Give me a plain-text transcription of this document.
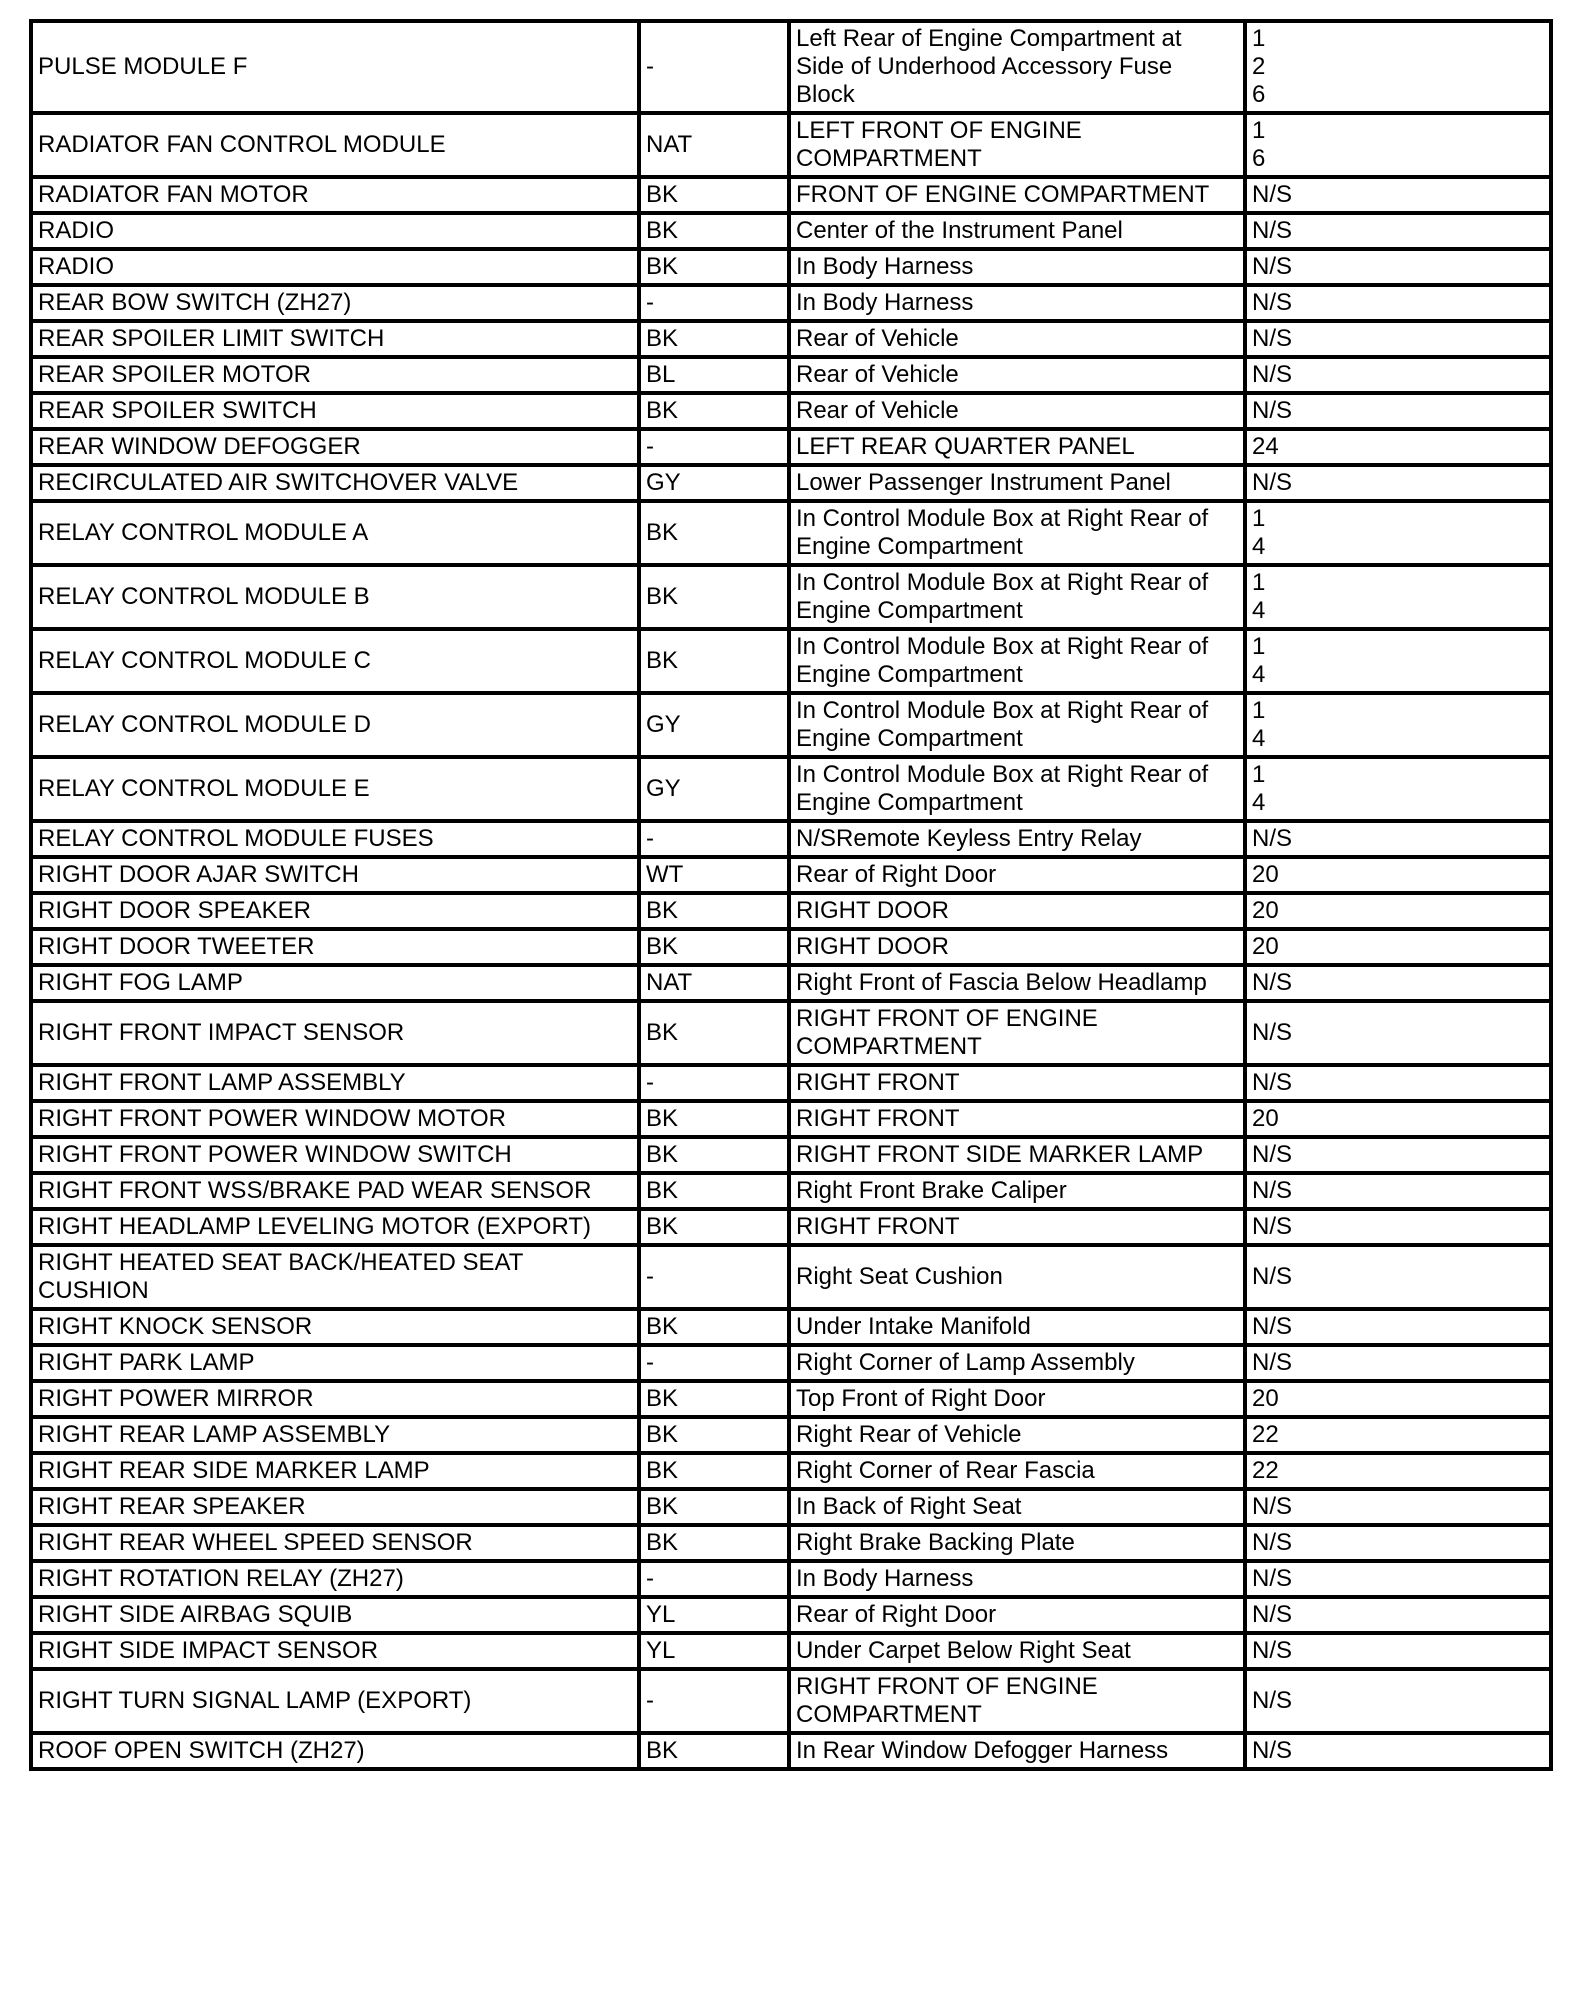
PULSE MODULE F	-	Left Rear of Engine Compartment at
Side of Underhood Accessory Fuse
Block	1
2
6
RADIATOR FAN CONTROL MODULE	NAT	LEFT FRONT OF ENGINE
COMPARTMENT	1
6
RADIATOR FAN MOTOR	BK	FRONT OF ENGINE COMPARTMENT	N/S
RADIO	BK	Center of the Instrument Panel	N/S
RADIO	BK	In Body Harness	N/S
REAR BOW SWITCH (ZH27)	-	In Body Harness	N/S
REAR SPOILER LIMIT SWITCH	BK	Rear of Vehicle	N/S
REAR SPOILER MOTOR	BL	Rear of Vehicle	N/S
REAR SPOILER SWITCH	BK	Rear of Vehicle	N/S
REAR WINDOW DEFOGGER	-	LEFT REAR QUARTER PANEL	24
RECIRCULATED AIR SWITCHOVER VALVE	GY	Lower Passenger Instrument Panel	N/S
RELAY CONTROL MODULE A	BK	In Control Module Box at Right Rear of
Engine Compartment	1
4
RELAY CONTROL MODULE B	BK	In Control Module Box at Right Rear of
Engine Compartment	1
4
RELAY CONTROL MODULE C	BK	In Control Module Box at Right Rear of
Engine Compartment	1
4
RELAY CONTROL MODULE D	GY	In Control Module Box at Right Rear of
Engine Compartment	1
4
RELAY CONTROL MODULE E	GY	In Control Module Box at Right Rear of
Engine Compartment	1
4
RELAY CONTROL MODULE FUSES	-	N/SRemote Keyless Entry Relay	N/S
RIGHT DOOR AJAR SWITCH	WT	Rear of Right Door	20
RIGHT DOOR SPEAKER	BK	RIGHT DOOR	20
RIGHT DOOR TWEETER	BK	RIGHT DOOR	20
RIGHT FOG LAMP	NAT	Right Front of Fascia Below Headlamp	N/S
RIGHT FRONT IMPACT SENSOR	BK	RIGHT FRONT OF ENGINE
COMPARTMENT	N/S
RIGHT FRONT LAMP ASSEMBLY	-	RIGHT FRONT	N/S
RIGHT FRONT POWER WINDOW MOTOR	BK	RIGHT FRONT	20
RIGHT FRONT POWER WINDOW SWITCH	BK	RIGHT FRONT SIDE MARKER LAMP	N/S
RIGHT FRONT WSS/BRAKE PAD WEAR SENSOR	BK	Right Front Brake Caliper	N/S
RIGHT HEADLAMP LEVELING MOTOR (EXPORT)	BK	RIGHT FRONT	N/S
RIGHT HEATED SEAT BACK/HEATED SEAT
CUSHION	-	Right Seat Cushion	N/S
RIGHT KNOCK SENSOR	BK	Under Intake Manifold	N/S
RIGHT PARK LAMP	-	Right Corner of Lamp Assembly	N/S
RIGHT POWER MIRROR	BK	Top Front of Right Door	20
RIGHT REAR LAMP ASSEMBLY	BK	Right Rear of Vehicle	22
RIGHT REAR SIDE MARKER LAMP	BK	Right Corner of Rear Fascia	22
RIGHT REAR SPEAKER	BK	In Back of Right Seat	N/S
RIGHT REAR WHEEL SPEED SENSOR	BK	Right Brake Backing Plate	N/S
RIGHT ROTATION RELAY (ZH27)	-	In Body Harness	N/S
RIGHT SIDE AIRBAG SQUIB	YL	Rear of Right Door	N/S
RIGHT SIDE IMPACT SENSOR	YL	Under Carpet Below Right Seat	N/S
RIGHT TURN SIGNAL LAMP (EXPORT)	-	RIGHT FRONT OF ENGINE
COMPARTMENT	N/S
ROOF OPEN SWITCH (ZH27)	BK	In Rear Window Defogger Harness	N/S
